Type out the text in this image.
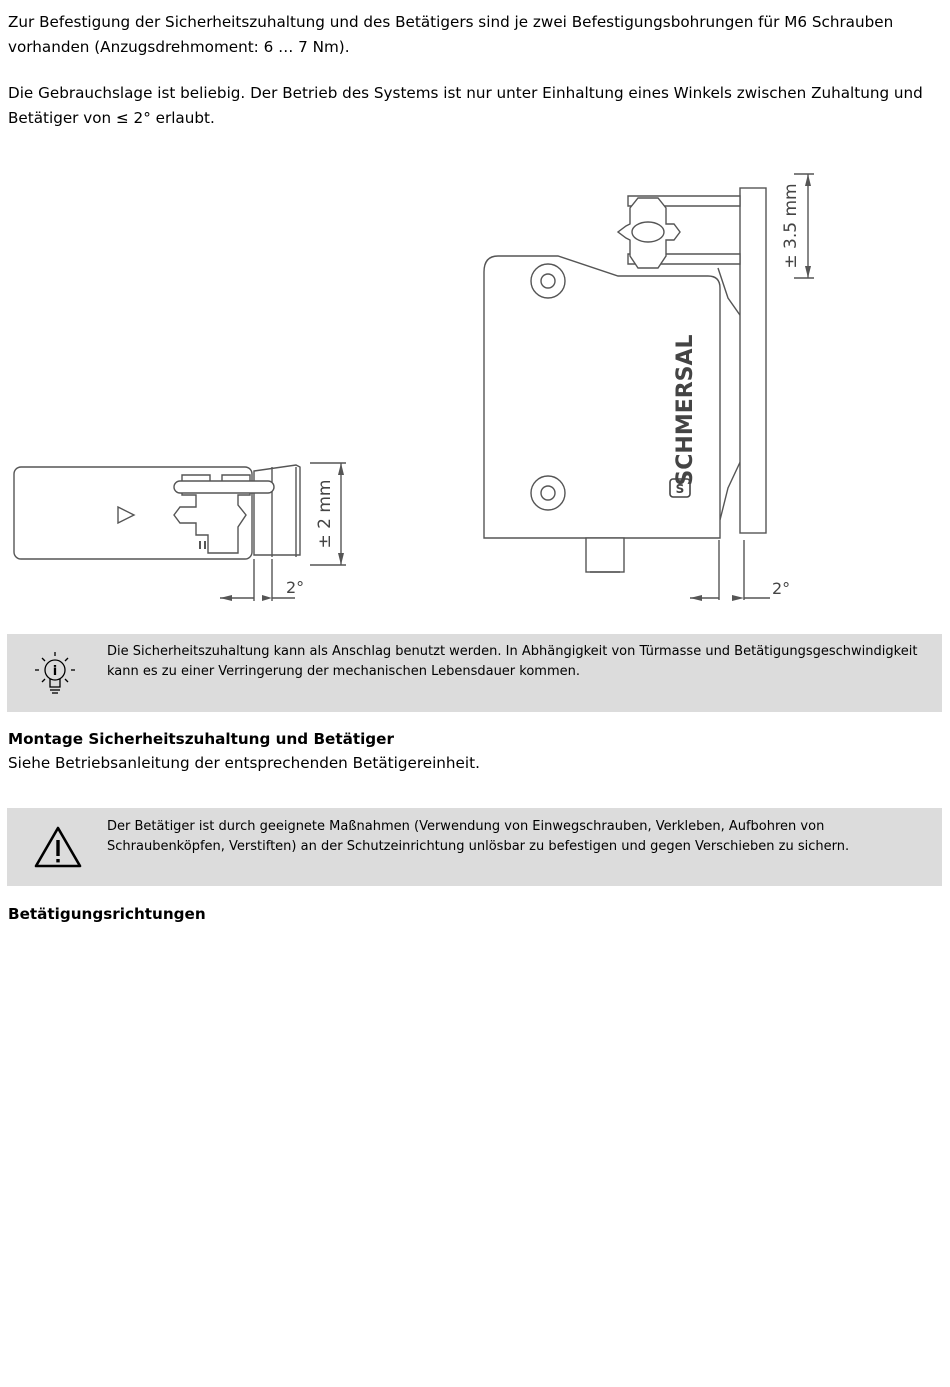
Zur Befestigung der Sicherheitszuhaltung und des Betätigers sind je zwei Befestigungsbohrungen für M6 Schrauben vorhanden (Anzugsdrehmoment: 6 … 7 Nm).

Die Gebrauchslage ist beliebig. Der Betrieb des Systems ist nur unter Einhaltung eines Winkels zwischen Zuhaltung und Betätiger von ≤ 2° erlaubt.

± 2 mm
2°
S
SCHMERSAL
± 3.5 mm
2°
i

Die Sicherheitszuhaltung kann als Anschlag benutzt werden. In Abhängigkeit von Türmasse und Betätigungsgeschwindigkeit kann es zu einer Verringerung der mechanischen Lebensdauer kommen.

Montage Sicherheitszuhaltung und Betätiger

Siehe Betriebsanleitung der entsprechenden Betätigereinheit.

Der Betätiger ist durch geeignete Maßnahmen (Verwendung von Einwegschrauben, Verkleben, Aufbohren von Schraubenköpfen, Verstiften) an der Schutzeinrichtung unlösbar zu befestigen und gegen Verschieben zu sichern.

Betätigungsrichtungen
